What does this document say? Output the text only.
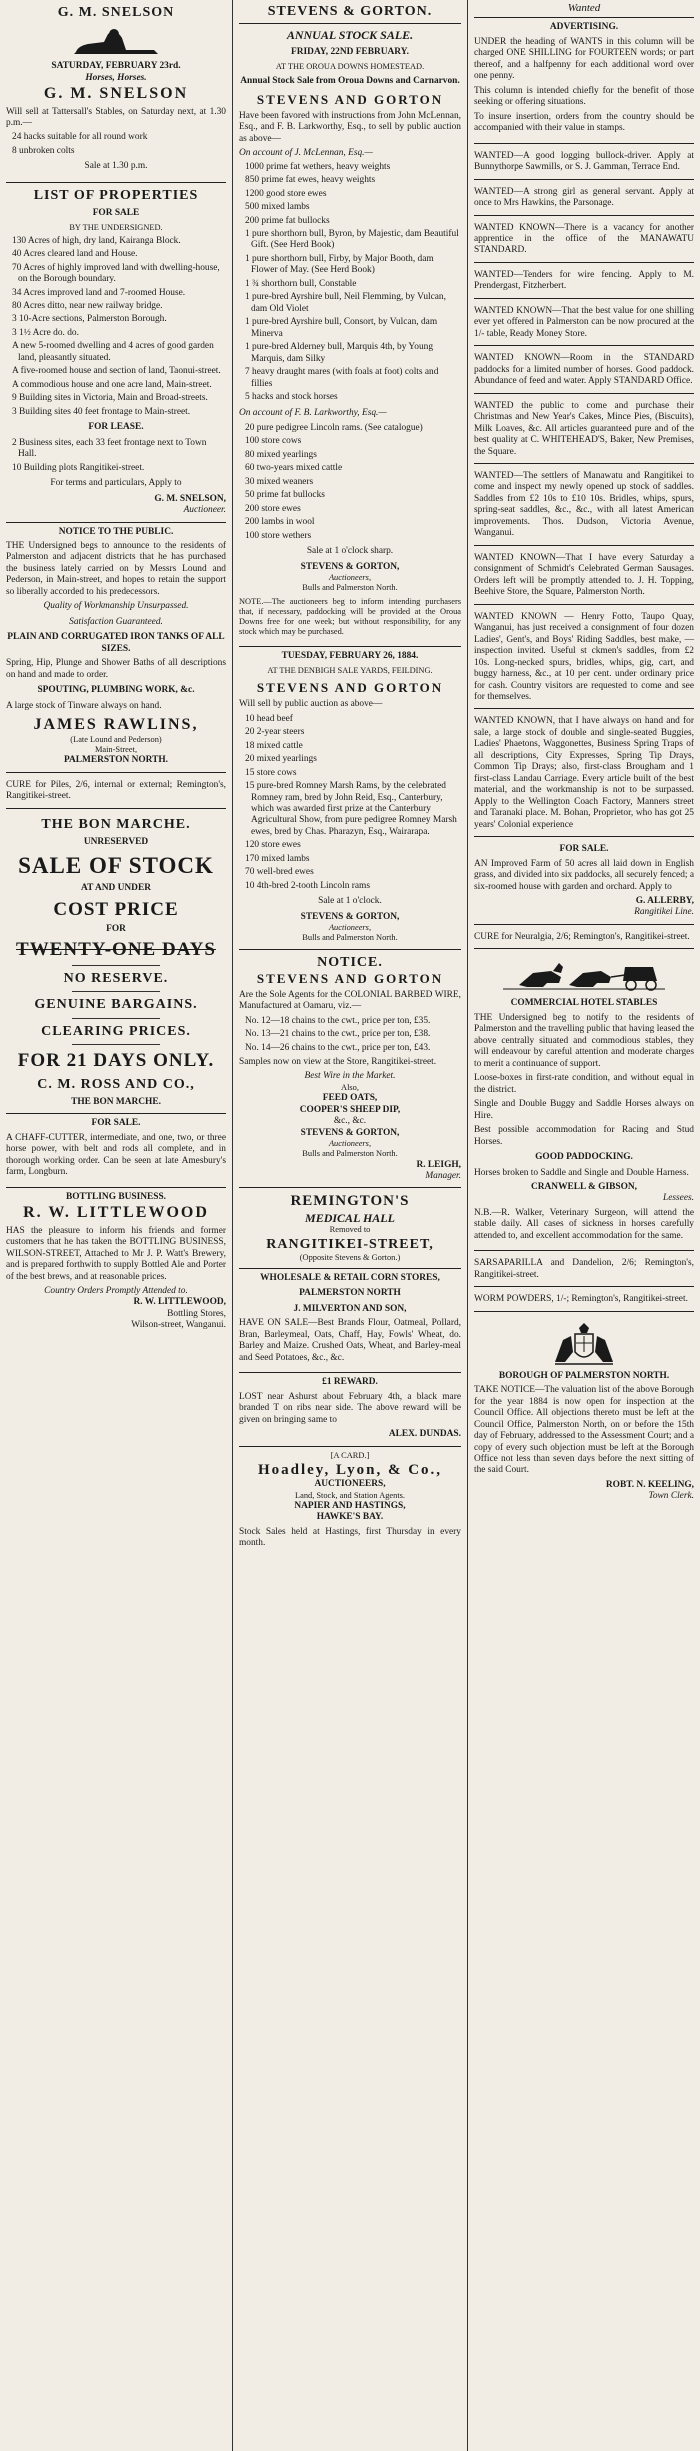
G. M. SNELSON
SATURDAY, FEBRUARY 23rd.
Horses, Horses.
G. M. SNELSON
Will sell at Tattersall's Stables, on Saturday next, at 1.30 p.m.—
24 hacks suitable for all round work
8 unbroken colts
Sale at 1.30 p.m.
LIST OF PROPERTIES
FOR SALE
BY THE UNDERSIGNED.
130 Acres of high, dry land, Kairanga Block.
40 Acres cleared land and House.
70 Acres of highly improved land with dwelling-house, on the Borough boundary.
34 Acres improved land and 7-roomed House.
80 Acres ditto, near new railway bridge.
3 10-Acre sections, Palmerston Borough.
3 1½ Acre do. do.
A new 5-roomed dwelling and 4 acres of good garden land, pleasantly situated.
A five-roomed house and section of land, Taonui-street.
A commodious house and one acre land, Main-street.
9 Building sites in Victoria, Main and Broad-streets.
3 Building sites 40 feet frontage to Main-street.
FOR LEASE.
2 Business sites, each 33 feet frontage next to Town Hall.
10 Building plots Rangitikei-street.
For terms and particulars, Apply to
G. M. SNELSON,
Auctioneer.
NOTICE TO THE PUBLIC.
THE Undersigned begs to announce to the residents of Palmerston and adjacent districts that he has purchased the business lately carried on by Messrs Lound and Pederson, in Main-street, and hopes to retain the support so liberally accorded to his predecessors.
Quality of Workmanship Unsurpassed.
Satisfaction Guaranteed.
PLAIN AND CORRUGATED IRON TANKS OF ALL SIZES.
Spring, Hip, Plunge and Shower Baths of all descriptions on hand and made to order.
SPOUTING, PLUMBING WORK, &c.
A large stock of Tinware always on hand.
JAMES RAWLINS,
(Late Lound and Pederson)
Main-Street,
PALMERSTON NORTH.
CURE for Piles, 2/6, internal or external; Remington's, Rangitikei-street.
THE BON MARCHE.
UNRESERVED
SALE OF STOCK
AT AND UNDER
COST PRICE
FOR
TWENTY-ONE DAYS
NO RESERVE.
GENUINE BARGAINS.
CLEARING PRICES.
FOR 21 DAYS ONLY.
C. M. ROSS AND CO.,
THE BON MARCHE.
FOR SALE.
A CHAFF-CUTTER, intermediate, and one, two, or three horse power, with belt and rods all complete, and in thorough working order. Can be seen at late Amesbury's farm, Longburn.
BOTTLING BUSINESS.
R. W. LITTLEWOOD
HAS the pleasure to inform his friends and former customers that he has taken the BOTTLING BUSINESS, WILSON-STREET, Attached to Mr J. P. Watt's Brewery, and is prepared forthwith to supply Bottled Ale and Porter of the best brews, and at reasonable prices.
Country Orders Promptly Attended to.
R. W. LITTLEWOOD,
Bottling Stores,
Wilson-street, Wanganui.
STEVENS & GORTON.
ANNUAL STOCK SALE.
FRIDAY, 22ND FEBRUARY.
AT THE OROUA DOWNS HOMESTEAD.
Annual Stock Sale from Oroua Downs and Carnarvon.
STEVENS AND GORTON
Have been favored with instructions from John McLennan, Esq., and F. B. Larkworthy, Esq., to sell by public auction as above—
On account of J. McLennan, Esq.—
1000 prime fat wethers, heavy weights
850 prime fat ewes, heavy weights
1200 good store ewes
500 mixed lambs
200 prime fat bullocks
1 pure shorthorn bull, Byron, by Majestic, dam Beautiful Gift. (See Herd Book)
1 pure shorthorn bull, Firby, by Major Booth, dam Flower of May. (See Herd Book)
1 ¾ shorthorn bull, Constable
1 pure-bred Ayrshire bull, Neil Flemming, by Vulcan, dam Old Violet
1 pure-bred Ayrshire bull, Consort, by Vulcan, dam Minerva
1 pure-bred Alderney bull, Marquis 4th, by Young Marquis, dam Silky
7 heavy draught mares (with foals at foot) colts and fillies
5 hacks and stock horses
On account of F. B. Larkworthy, Esq.—
20 pure pedigree Lincoln rams. (See catalogue)
100 store cows
80 mixed yearlings
60 two-years mixed cattle
30 mixed weaners
50 prime fat bullocks
200 store ewes
200 lambs in wool
100 store wethers
Sale at 1 o'clock sharp.
STEVENS & GORTON,
Auctioneers,
Bulls and Palmerston North.
NOTE.—The auctioneers beg to inform intending purchasers that, if necessary, paddocking will be provided at the Oroua Downs free for one week; but without responsibility, for any stock which may be purchased.
TUESDAY, FEBRUARY 26, 1884.
AT THE DENBIGH SALE YARDS, FEILDING.
STEVENS AND GORTON
Will sell by public auction as above—
10 head beef
20 2-year steers
18 mixed cattle
20 mixed yearlings
15 store cows
15 pure-bred Romney Marsh Rams, by the celebrated Romney ram, bred by John Reid, Esq., Canterbury, which was awarded first prize at the Canterbury Agricultural Show, from pure pedigree Romney Marsh ewes, bred by Chas. Pharazyn, Esq., Wairarapa.
120 store ewes
170 mixed lambs
70 well-bred ewes
10 4th-bred 2-tooth Lincoln rams
Sale at 1 o'clock.
STEVENS & GORTON,
Auctioneers,
Bulls and Palmerston North.
NOTICE.
STEVENS AND GORTON
Are the Sole Agents for the COLONIAL BARBED WIRE, Manufactured at Oamaru, viz.—
No. 12—18 chains to the cwt., price per ton, £35.
No. 13—21 chains to the cwt., price per ton, £38.
No. 14—26 chains to the cwt., price per ton, £43.
Samples now on view at the Store, Rangitikei-street.
Best Wire in the Market.
Also,
FEED OATS,
COOPER'S SHEEP DIP,
&c., &c.
STEVENS & GORTON,
Auctioneers,
Bulls and Palmerston North.
R. LEIGH,
Manager.
REMINGTON'S
MEDICAL HALL
Removed to
RANGITIKEI-STREET,
(Opposite Stevens & Gorton.)
WHOLESALE & RETAIL CORN STORES,
PALMERSTON NORTH
J. MILVERTON AND SON,
HAVE ON SALE—Best Brands Flour, Oatmeal, Pollard, Bran, Barleymeal, Oats, Chaff, Hay, Fowls' Wheat, do. Barley and Maize. Crushed Oats, Wheat, and Barley-meal and Seed Potatoes, &c., &c.
£1 REWARD.
LOST near Ashurst about February 4th, a black mare branded T on ribs near side. The above reward will be given on bringing same to
ALEX. DUNDAS.
[A CARD.]
Hoadley, Lyon, & Co.,
AUCTIONEERS,
Land, Stock, and Station Agents.
NAPIER AND HASTINGS,
HAWKE'S BAY.
Stock Sales held at Hastings, first Thursday in every month.
Wanted
ADVERTISING.
UNDER the heading of WANTS in this column will be charged ONE SHILLING for FOURTEEN words; or part thereof, and a halfpenny for each additional word over one penny.
This column is intended chiefly for the benefit of those seeking or offering situations.
To insure insertion, orders from the country should be accompanied with their value in stamps.
WANTED—A good logging bullock-driver. Apply at Bunnythorpe Sawmills, or S. J. Gamman, Terrace End.
WANTED—A strong girl as general servant. Apply at once to Mrs Hawkins, the Parsonage.
WANTED KNOWN—There is a vacancy for another apprentice in the office of the MANAWATU STANDARD.
WANTED—Tenders for wire fencing. Apply to M. Prendergast, Fitzherbert.
WANTED KNOWN—That the best value for one shilling ever yet offered in Palmerston can be now procured at the 1/- table, Ready Money Store.
WANTED KNOWN—Room in the STANDARD paddocks for a limited number of horses. Good paddock. Abundance of feed and water. Apply STANDARD Office.
WANTED the public to come and purchase their Christmas and New Year's Cakes, Mince Pies, (Biscuits), Milk Loaves, &c. All articles guaranteed pure and of the best quality at C. WHITEHEAD'S, Baker, New Premises, the Square.
WANTED—The settlers of Manawatu and Rangitikei to come and inspect my newly opened up stock of saddles. Saddles from £2 10s to £10 10s. Bridles, whips, spurs, spring-seat saddles, &c., &c., with all latest American improvements. Thos. Dudson, Victoria Avenue, Wanganui.
WANTED KNOWN—That I have every Saturday a consignment of Schmidt's Celebrated German Sausages. Orders left will be promptly attended to. J. H. Topping, Beehive Store, the Square, Palmerston North.
WANTED KNOWN — Henry Fotto, Taupo Quay, Wanganui, has just received a consignment of four dozen Ladies', Gent's, and Boys' Riding Saddles, best make, — inspection invited. Useful st ckmen's saddles, from £2 10s. Long-necked spurs, bridles, whips, gig, cart, and buggy harness, &c., at 10 per cent. under ordinary price for cash. Country visitors are requested to come and see for themselves.
WANTED KNOWN, that I have always on hand and for sale, a large stock of double and single-seated Buggies, Ladies' Phaetons, Waggonettes, Business Spring Traps of all descriptions, City Expresses, Spring Tip Drays, Common Tip Drays; also, first-class Brougham and 1 first-class Landau Carriage. Every article built of the best material, and the workmanship is not to be surpassed. Apply to the Wellington Coach Factory, Manners street and Taranaki place. M. Bohan, Proprietor, who has got 25 years' Colonial experience
FOR SALE.
AN Improved Farm of 50 acres all laid down in English grass, and divided into six paddocks, all securely fenced; a six-roomed house with garden and orchard. Apply to
G. ALLERBY,
Rangitikei Line.
CURE for Neuralgia, 2/6; Remington's, Rangitikei-street.
COMMERCIAL HOTEL STABLES
THE Undersigned beg to notify to the residents of Palmerston and the travelling public that having leased the above centrally situated and commodious stables, they will endeavour by careful attention and moderate charges to merit a continuance of support.
Loose-boxes in first-rate condition, and without equal in the district.
Single and Double Buggy and Saddle Horses always on Hire.
Best possible accommodation for Racing and Stud Horses.
GOOD PADDOCKING.
Horses broken to Saddle and Single and Double Harness.
CRANWELL & GIBSON,
Lessees.
N.B.—R. Walker, Veterinary Surgeon, will attend the stable daily. All cases of sickness in horses carefully attended to, and excellent accommodation for the same.
SARSAPARILLA and Dandelion, 2/6; Remington's, Rangitikei-street.
WORM POWDERS, 1/-; Remington's, Rangitikei-street.
BOROUGH OF PALMERSTON NORTH.
TAKE NOTICE—The valuation list of the above Borough for the year 1884 is now open for inspection at the Council Office. All objections thereto must be left at the Council Office, Palmerston North, on or before the 15th day of February, addressed to the Assessment Court; and a copy of every such objection must be left at the Borough Office not less than seven days before the next sitting of the said Court.
ROBT. N. KEELING,
Town Clerk.
